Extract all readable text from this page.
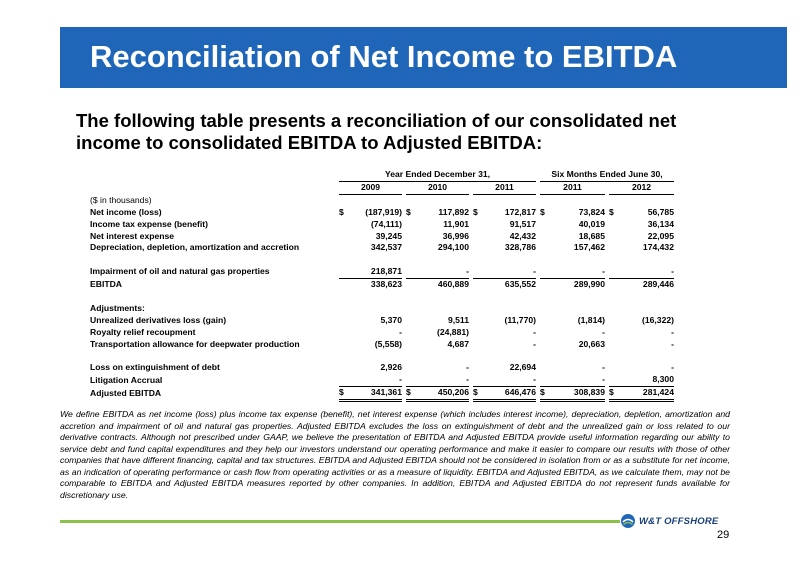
Reconciliation of Net Income to EBITDA
The following table presents a reconciliation of our consolidated net income to consolidated EBITDA to Adjusted EBITDA:
		Year Ended December 31,									Six Months Ended June 30,				
		2009			2010			2011			2011			2012	
($ in thousands)															
Net income (loss)		$	(187,919)		$	117,892		$	172,817		$	73,824		$	56,785
Income tax expense (benefit)			(74,111)			11,901			91,517			40,019			36,134
Net interest expense			39,245			36,996			42,432			18,685			22,095
Depreciation, depletion, amortization and accretion			342,537			294,100			328,786			157,462			174,432

Impairment of oil and natural gas properties			218,871			-			-			-			-
EBITDA			338,623			460,889			635,552			289,990			289,446

Adjustments:															
Unrealized derivatives loss (gain)			5,370			9,511			(11,770)			(1,814)			(16,322)
Royalty relief recoupment			-			(24,881)			-			-			-
Transportation allowance for deepwater production			(5,558)			4,687			-			20,663			-

Loss on extinguishment of debt			2,926			-			22,694			-			-
Litigation Accrual			-			-			-			-			8,300
Adjusted EBITDA		$	341,361		$	450,206		$	646,476		$	308,839		$	281,424
We define EBITDA as net income (loss) plus income tax expense (benefit), net interest expense (which includes interest income), depreciation, depletion, amortization and accretion and impairment of oil and natural gas properties. Adjusted EBITDA excludes the loss on extinguishment of debt and the unrealized gain or loss related to our derivative contracts. Although not prescribed under GAAP, we believe the presentation of EBITDA and Adjusted EBITDA provide useful information regarding our ability to service debt and fund capital expenditures and they help our investors understand our operating performance and make it easier to compare our results with those of other companies that have different financing, capital and tax structures. EBITDA and Adjusted EBITDA should not be considered in isolation from or as a substitute for net income, as an indication of operating performance or cash flow from operating activities or as a measure of liquidity. EBITDA and Adjusted EBITDA, as we calculate them, may not be comparable to EBITDA and Adjusted EBITDA measures reported by other companies. In addition, EBITDA and Adjusted EBITDA do not represent funds available for discretionary use.
W&T OFFSHORE
29
